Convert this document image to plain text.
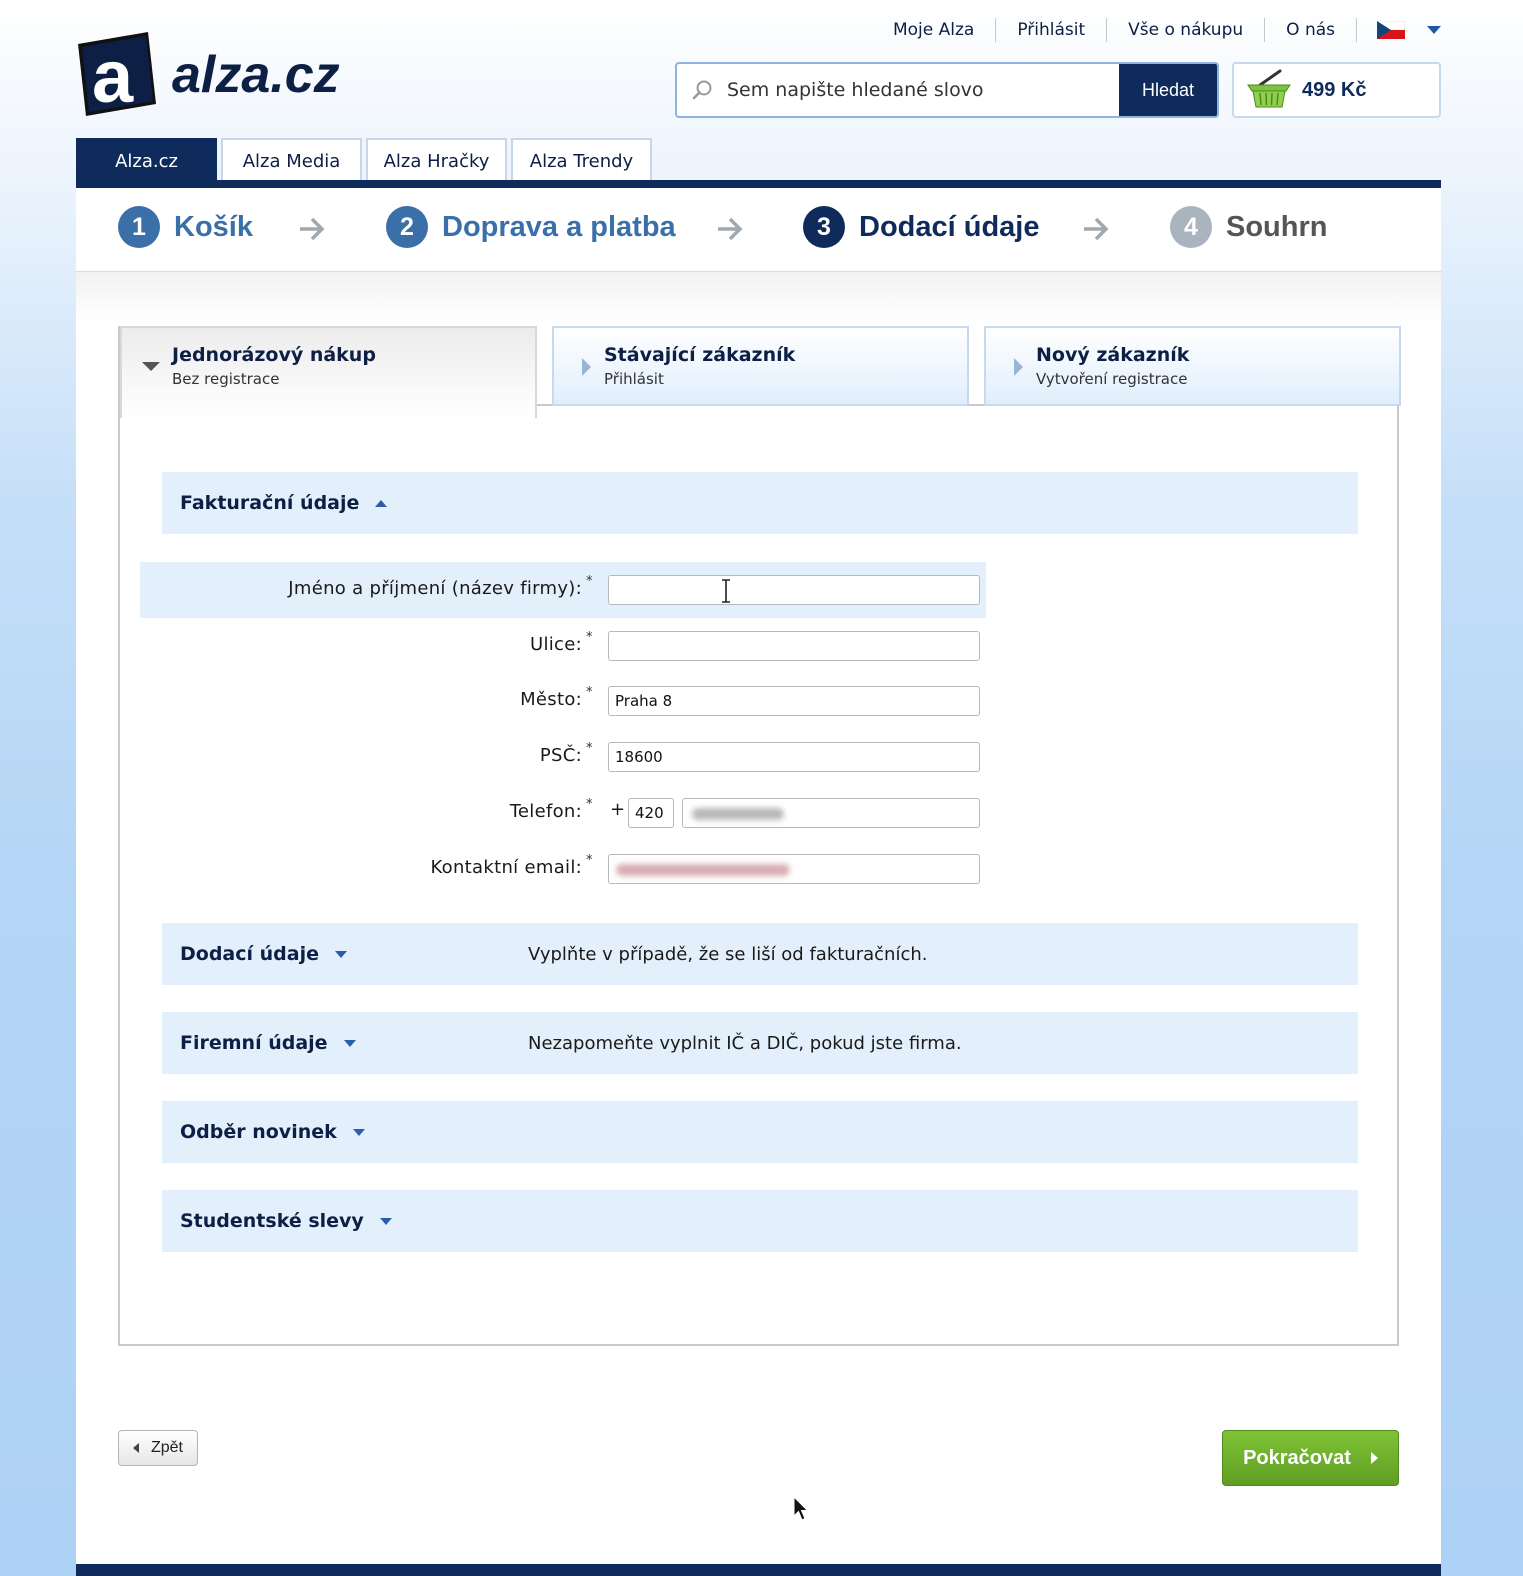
a alza.cz
Moje Alza	Přihlásit	Vše o nákupu	O nás
Sem napište hledané slovo
Hledat	499 Kč
Alza.cz	Alza Media	Alza Hračky	Alza Trendy
1 Košík	2 Doprava a platba	3 Dodací údaje	4 Souhrn
Jednorázový nákup
Bez registrace
Stávající zákazník
Přihlásit
Nový zákazník
Vytvoření registrace
Fakturační údaje
Jméno a příjmení (název firmy): *
Ulice: *
Město: *
Praha 8
PSČ: *
18600
Telefon: * +
420
Kontaktní email: *
Dodací údaje	Vyplňte v případě, že se liší od fakturačních.
Firemní údaje	Nezapomeňte vyplnit IČ a DIČ, pokud jste firma.
Odběr novinek
Studentské slevy
Zpět	Pokračovat
